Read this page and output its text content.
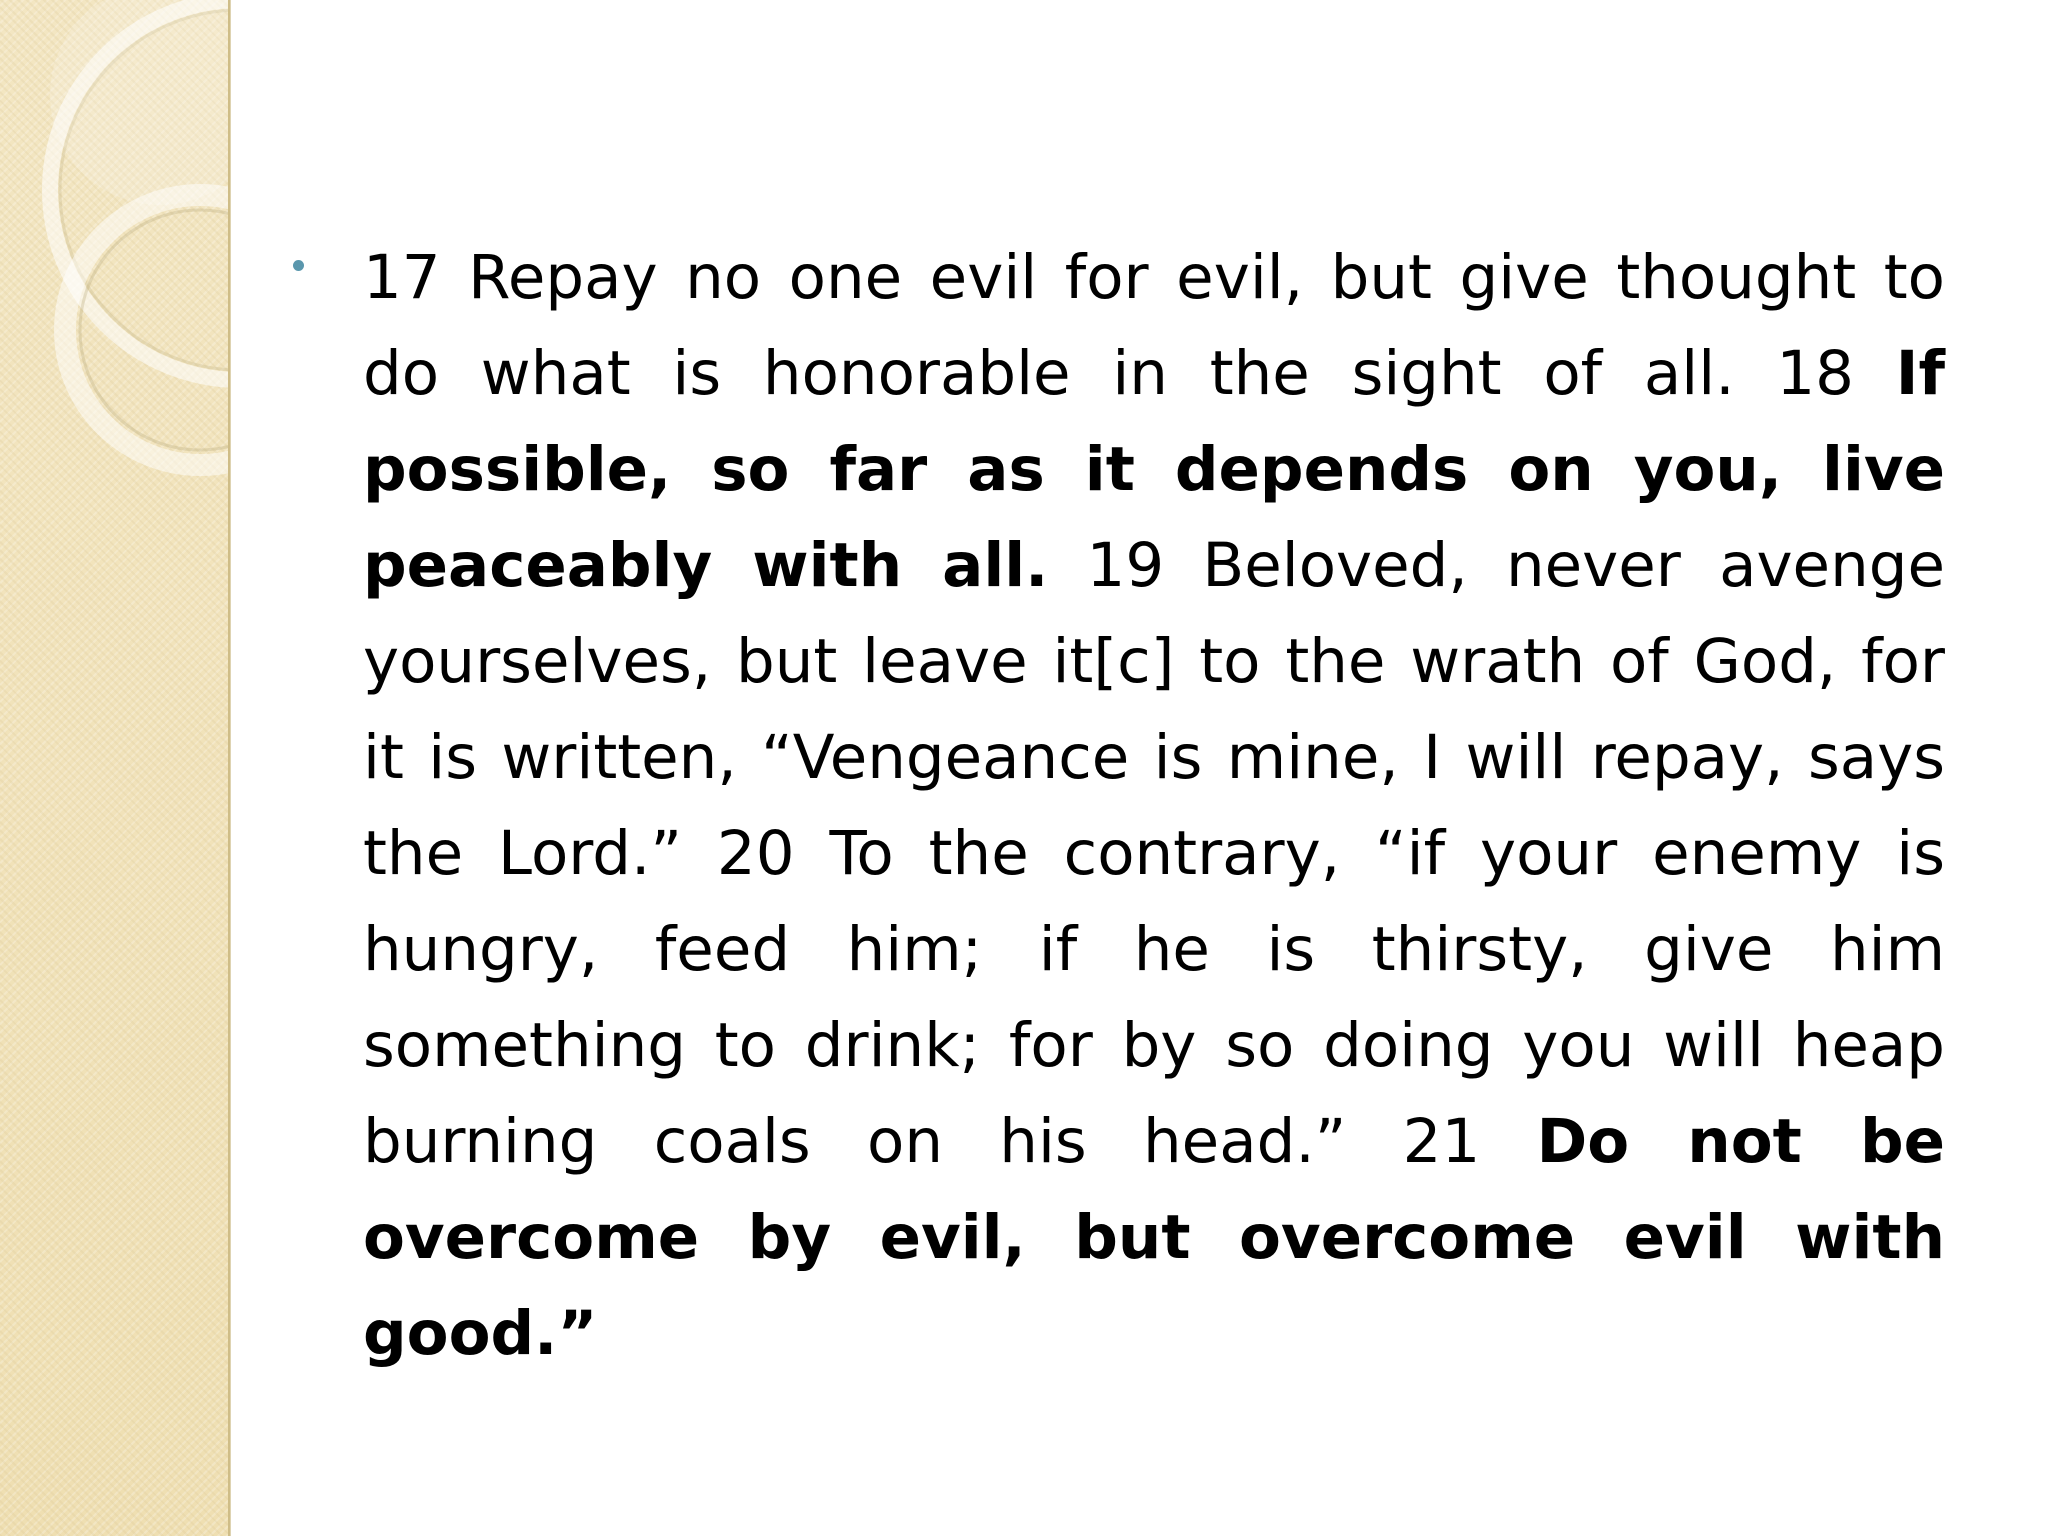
17 Repay no one evil for evil, but give thought to do what is honorable in the sight of all. 18 If possible, so far as it depends on you, live peaceably with all. 19 Beloved, never avenge yourselves, but leave it[c] to the wrath of God, for it is written, “Vengeance is mine, I will repay, says the Lord.” 20 To the contrary, “if your enemy is hungry, feed him; if he is thirsty, give him something to drink; for by so doing you will heap burning coals on his head.” 21 Do not be overcome by evil, but overcome evil with good.”
